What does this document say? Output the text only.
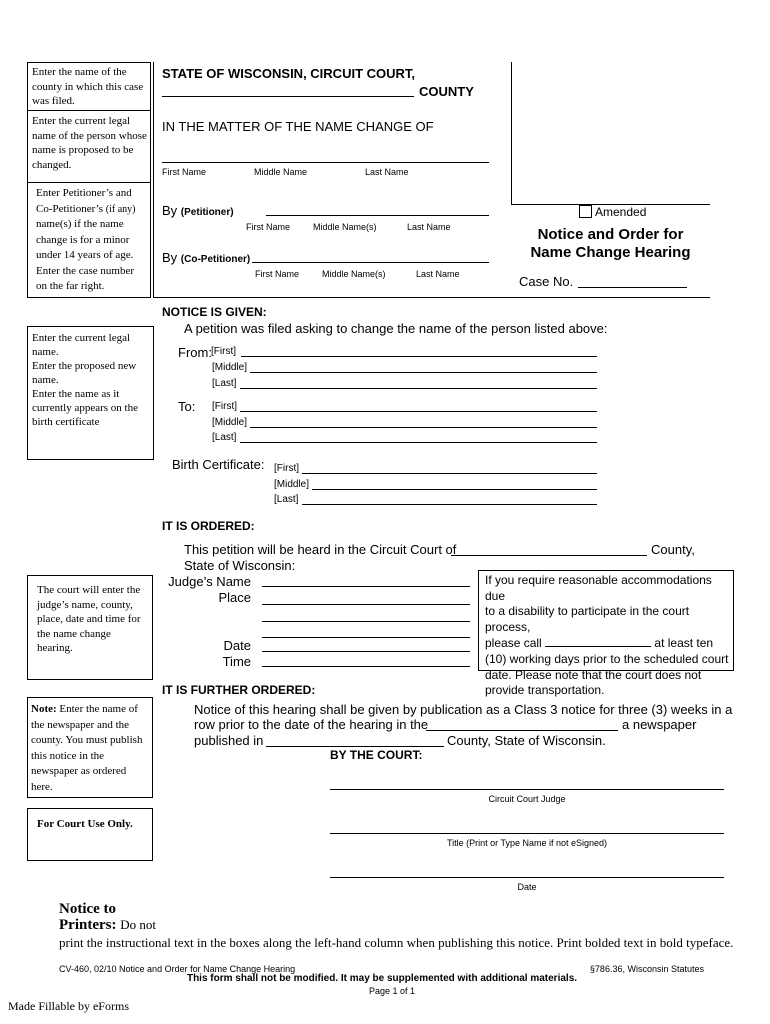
Enter the name of the county in which this case was filed.
Enter the current legal name of the person whose name is proposed to be changed.
Enter Petitioner’s and
Co-Petitioner’s (if any)
name(s) if the name
change is for a minor
under 14 years of age.
Enter the case number
on the far right.
Enter the current legal name.
Enter the proposed new name.
Enter the name as it currently appears on the birth certificate
The court will enter the judge’s name, county, place, date and time for the name change hearing.
Note: Enter the name of the newspaper and the county. You must publish this notice in the newspaper as ordered here.
For Court Use Only.
STATE OF WISCONSIN, CIRCUIT COURT,
COUNTY
IN THE MATTER OF THE NAME CHANGE OF
First Name	Middle Name	Last Name
By (Petitioner)
First Name	Middle Name(s)	Last Name
By (Co-Petitioner)
First Name	Middle Name(s)	Last Name
Amended
Notice and Order for
Name Change Hearing
Case No.
NOTICE IS GIVEN:
A petition was filed asking to change the name of the person listed above:
From: [First]
[Middle]
[Last]
To: [First]
[Middle]
[Last]
Birth Certificate: [First]
[Middle]
[Last]
IT IS ORDERED:
This petition will be heard in the Circuit Court of	County,
State of Wisconsin:
Judge’s Name
Place
Date
Time
If you require reasonable accommodations due
to a disability to participate in the court process,
please call	at least ten
(10) working days prior to the scheduled court
date. Please note that the court does not
provide transportation.
IT IS FURTHER ORDERED:
Notice of this hearing shall be given by publication as a Class 3 notice for three (3) weeks in a
row prior to the date of the hearing in the	a newspaper
published in	County, State of Wisconsin.
BY THE COURT:
Circuit Court Judge
Title (Print or Type Name if not eSigned)
Date
Notice to
Printers: Do not
print the instructional text in the boxes along the left-hand column when publishing this notice. Print bolded text in bold typeface.
CV-460, 02/10 Notice and Order for Name Change Hearing	§786.36, Wisconsin Statutes
This form shall not be modified. It may be supplemented with additional materials.
Page 1 of 1
Made Fillable by eForms
